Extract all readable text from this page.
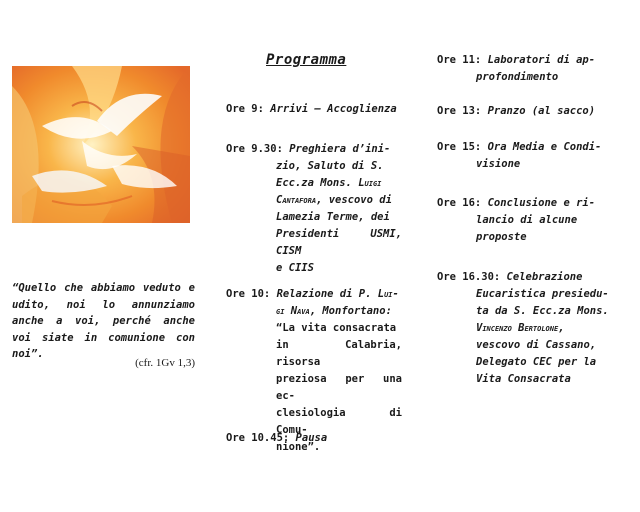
“Quello che abbiamo veduto e udito, noi lo annunziamo anche a voi, perché anche voi siate in comunione con noi”.
(cfr. 1Gv 1,3)
Programma
Ore 9: Arrivi – Accoglienza
Ore 9.30: Preghiera d’ini-
zio, Saluto di S.
Ecc.za Mons. Luigi
Cantafora, vescovo di
Lamezia Terme, dei
Presidenti USMI, CISM
e CIIS
Ore 10: Relazione di P. Lui-
gi Nava, Monfortano:
“La vita consacrata
in Calabria, risorsa
preziosa per una ec-
clesiologia di Comu-
nione”.
Ore 10.45: Pausa
Ore 11: Laboratori di ap-
profondimento
Ore 13: Pranzo (al sacco)
Ore 15: Ora Media e Condi-
visione
Ore 16: Conclusione e ri-
lancio di alcune
proposte
Ore 16.30: Celebrazione
Eucaristica presiedu-
ta da S. Ecc.za Mons.
Vincenzo Bertolone,
vescovo di Cassano,
Delegato CEC per la
Vita Consacrata
